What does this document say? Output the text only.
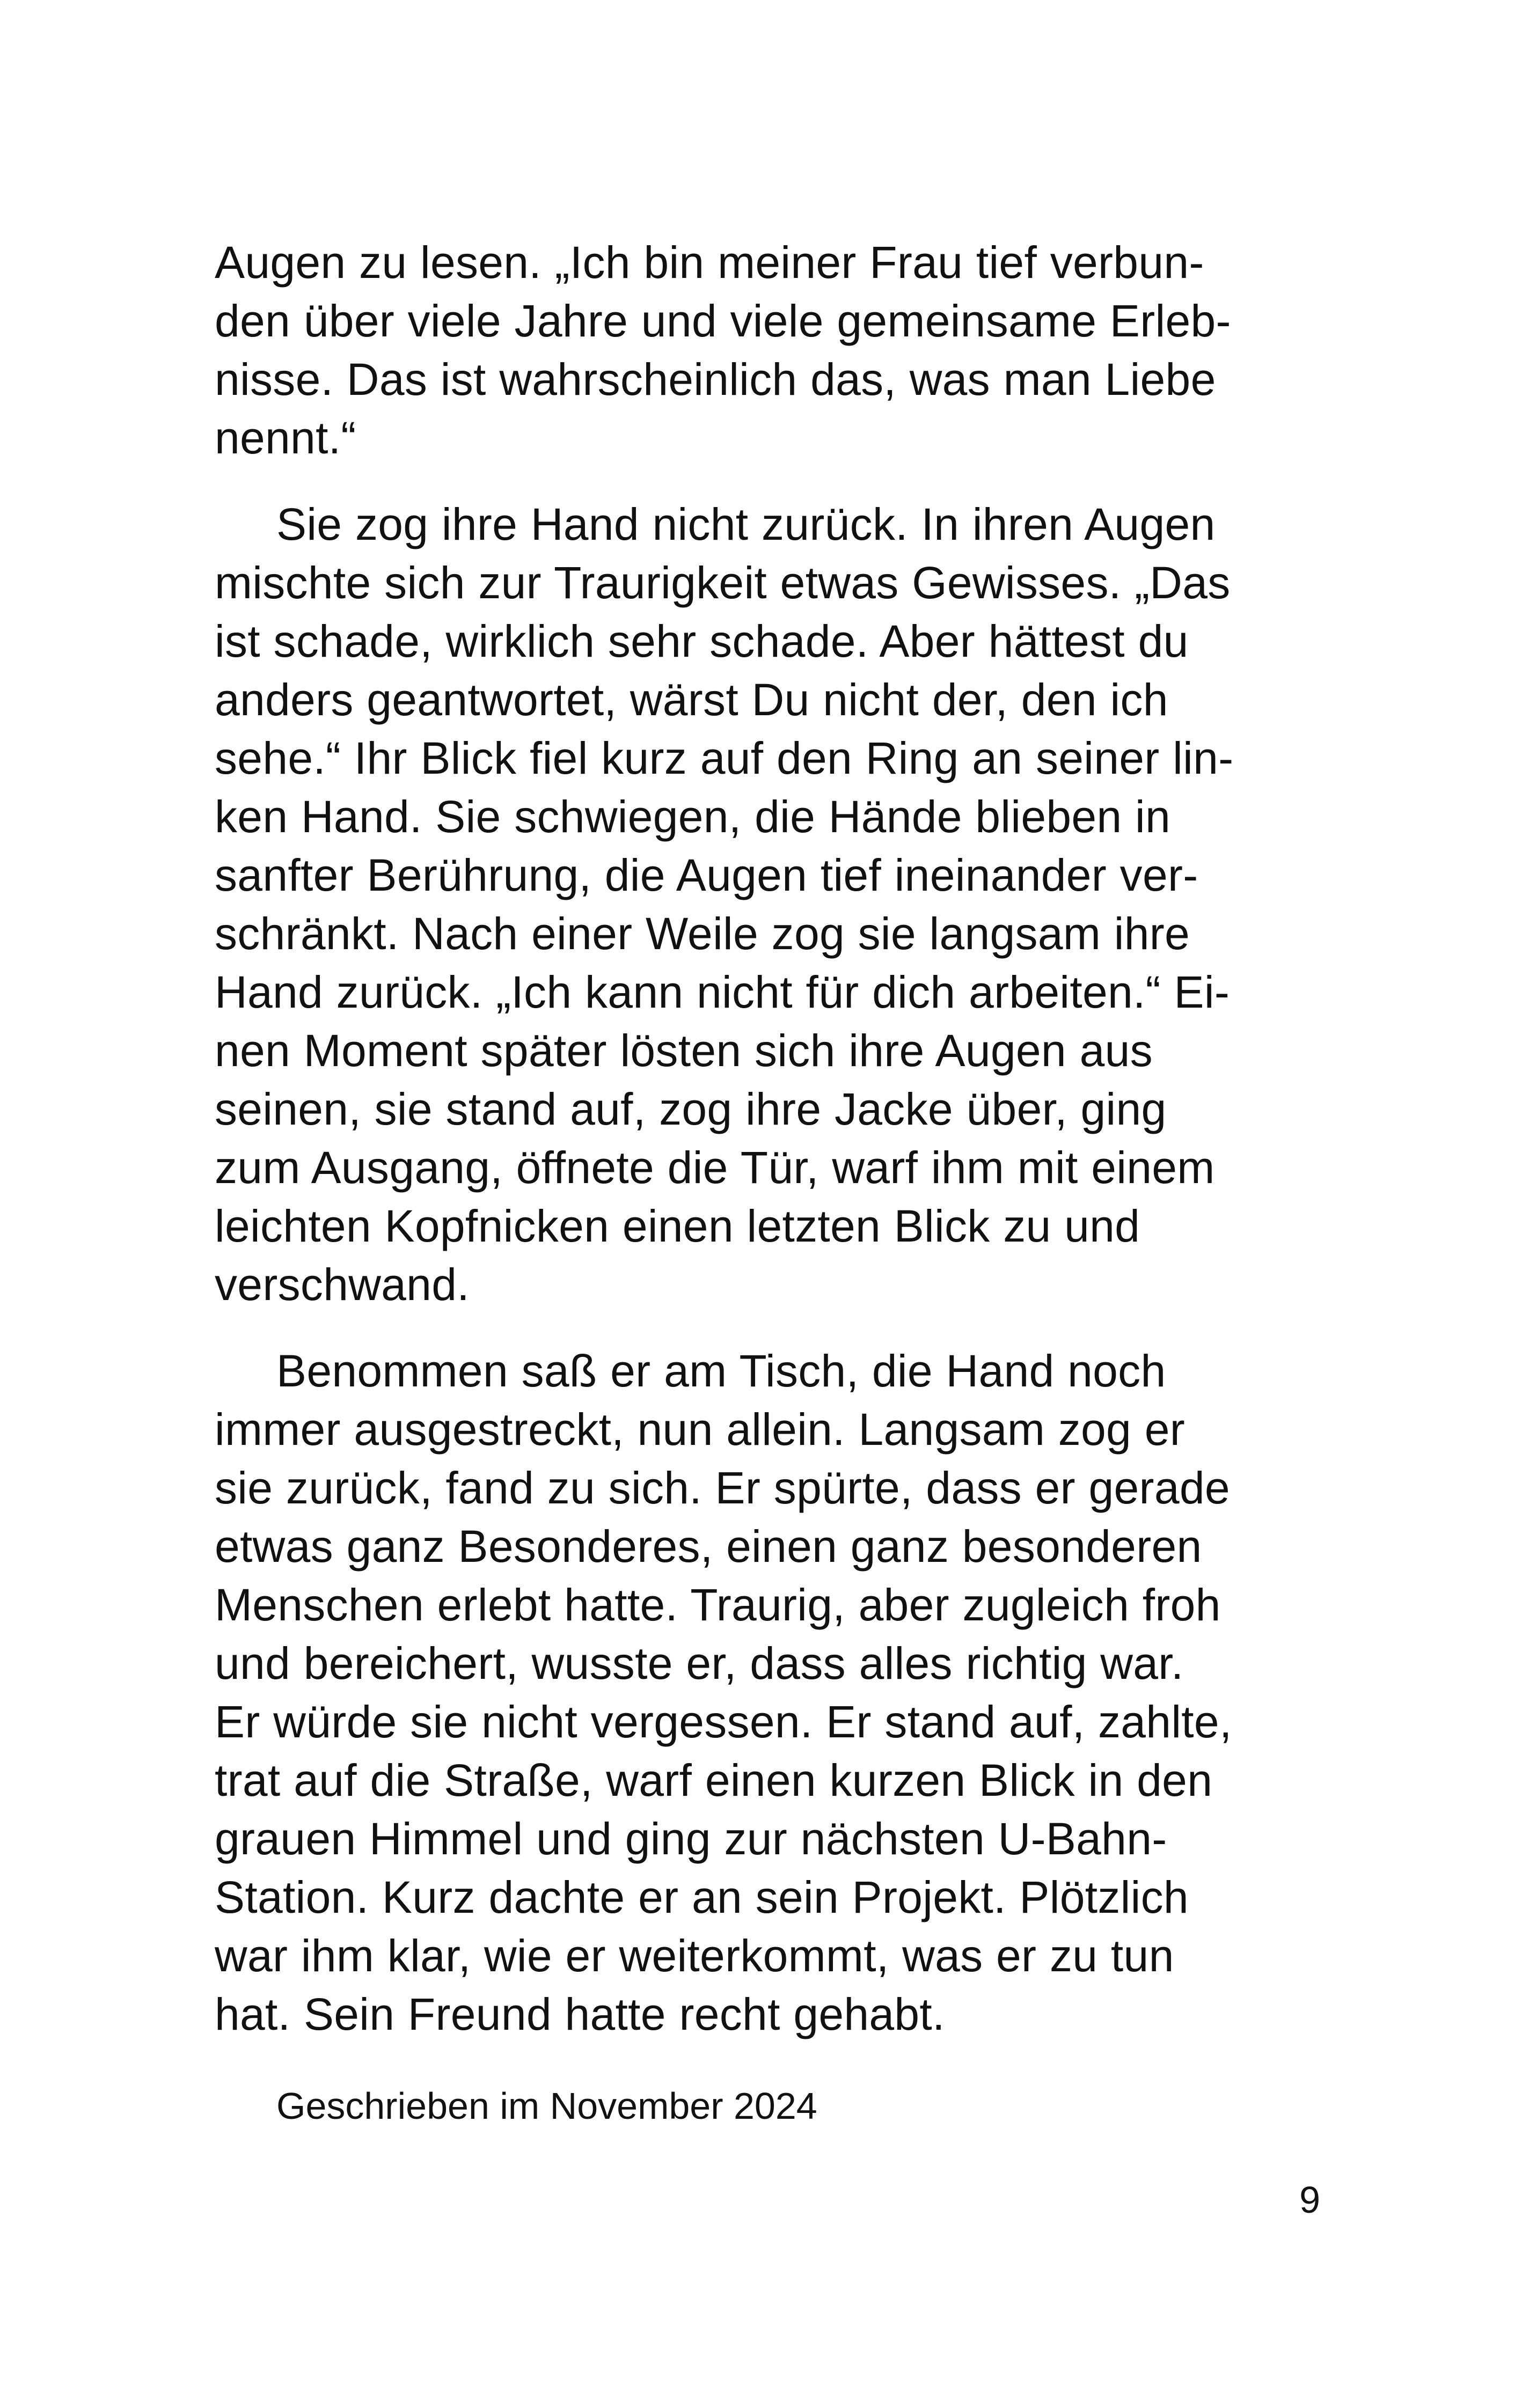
Augen zu lesen. „Ich bin meiner Frau tief verbun-
den über viele Jahre und viele gemeinsame Erleb-
nisse. Das ist wahrscheinlich das, was man Liebe
nennt.“

Sie zog ihre Hand nicht zurück. In ihren Augen
mischte sich zur Traurigkeit etwas Gewisses. „Das
ist schade, wirklich sehr schade. Aber hättest du
anders geantwortet, wärst Du nicht der, den ich
sehe.“ Ihr Blick fiel kurz auf den Ring an seiner lin-
ken Hand. Sie schwiegen, die Hände blieben in
sanfter Berührung, die Augen tief ineinander ver-
schränkt. Nach einer Weile zog sie langsam ihre
Hand zurück. „Ich kann nicht für dich arbeiten.“ Ei-
nen Moment später lösten sich ihre Augen aus
seinen, sie stand auf, zog ihre Jacke über, ging
zum Ausgang, öffnete die Tür, warf ihm mit einem
leichten Kopfnicken einen letzten Blick zu und
verschwand.

Benommen saß er am Tisch, die Hand noch
immer ausgestreckt, nun allein. Langsam zog er
sie zurück, fand zu sich. Er spürte, dass er gerade
etwas ganz Besonderes, einen ganz besonderen
Menschen erlebt hatte. Traurig, aber zugleich froh
und bereichert, wusste er, dass alles richtig war.
Er würde sie nicht vergessen. Er stand auf, zahlte,
trat auf die Straße, warf einen kurzen Blick in den
grauen Himmel und ging zur nächsten U-Bahn-
Station. Kurz dachte er an sein Projekt. Plötzlich
war ihm klar, wie er weiterkommt, was er zu tun
hat. Sein Freund hatte recht gehabt.

Geschrieben im November 2024
9
